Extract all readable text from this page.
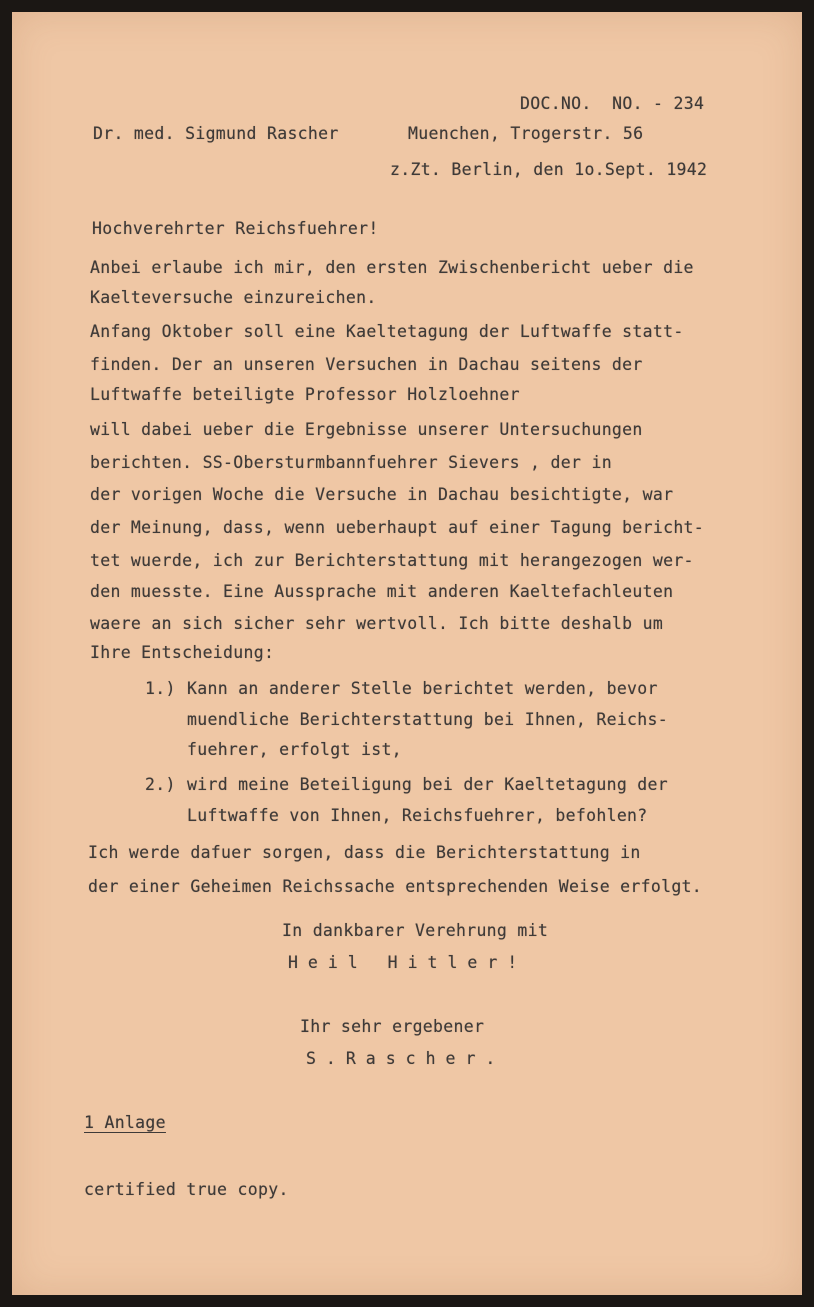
DOC.NO.  NO. - 234
Dr. med. Sigmund Rascher	Muenchen, Trogerstr. 56
z.Zt. Berlin, den 1o.Sept. 1942
Hochverehrter Reichsfuehrer!
Anbei erlaube ich mir, den ersten Zwischenbericht ueber die
Kaelteversuche einzureichen.
Anfang Oktober soll eine Kaeltetagung der Luftwaffe statt-
finden. Der an unseren Versuchen in Dachau seitens der
Luftwaffe beteiligte Professor Holzloehner
will dabei ueber die Ergebnisse unserer Untersuchungen
berichten. SS-Obersturmbannfuehrer Sievers , der in
der vorigen Woche die Versuche in Dachau besichtigte, war
der Meinung, dass, wenn ueberhaupt auf einer Tagung bericht-
tet wuerde, ich zur Berichterstattung mit herangezogen wer-
den muesste. Eine Aussprache mit anderen Kaeltefachleuten
waere an sich sicher sehr wertvoll. Ich bitte deshalb um
Ihre Entscheidung:
1.) Kann an anderer Stelle berichtet werden, bevor
muendliche Berichterstattung bei Ihnen, Reichs-
fuehrer, erfolgt ist,
2.) wird meine Beteiligung bei der Kaeltetagung der
Luftwaffe von Ihnen, Reichsfuehrer, befohlen?
Ich werde dafuer sorgen, dass die Berichterstattung in
der einer Geheimen Reichssache entsprechenden Weise erfolgt.
In dankbarer Verehrung mit
Heil Hitler!
Ihr sehr ergebener
S.Rascher.
1 Anlage
certified true copy.
